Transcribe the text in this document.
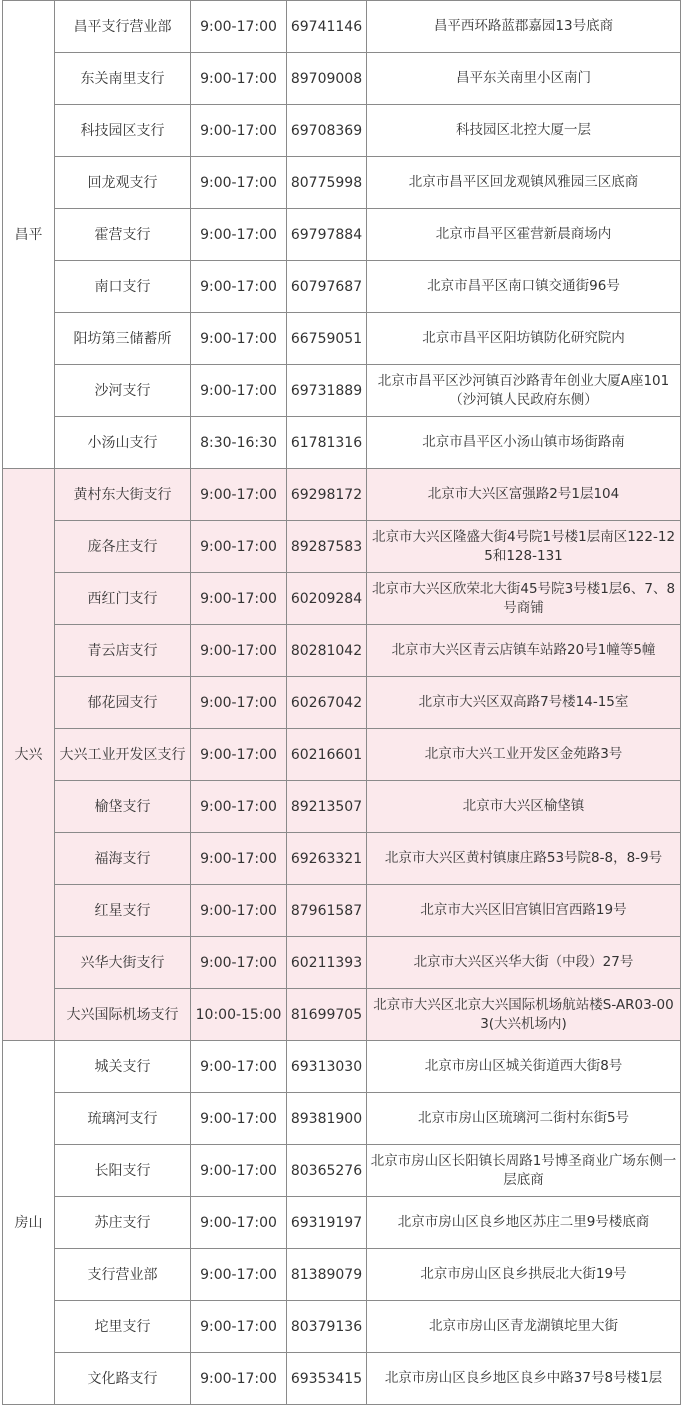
昌平	昌平支行营业部	9:00-17:00	69741146	昌平西环路蓝郡嘉园13号底商
	东关南里支行	9:00-17:00	89709008	昌平东关南里小区南门
	科技园区支行	9:00-17:00	69708369	科技园区北控大厦一层
	回龙观支行	9:00-17:00	80775998	北京市昌平区回龙观镇风雅园三区底商
	霍营支行	9:00-17:00	69797884	北京市昌平区霍营新晨商场内
	南口支行	9:00-17:00	60797687	北京市昌平区南口镇交通街96号
	阳坊第三储蓄所	9:00-17:00	66759051	北京市昌平区阳坊镇防化研究院内
	沙河支行	9:00-17:00	69731889	北京市昌平区沙河镇百沙路青年创业大厦A座101（沙河镇人民政府东侧）
	小汤山支行	8:30-16:30	61781316	北京市昌平区小汤山镇市场街路南
大兴	黄村东大街支行	9:00-17:00	69298172	北京市大兴区富强路2号1层104
	庞各庄支行	9:00-17:00	89287583	北京市大兴区隆盛大街4号院1号楼1层南区122-125和128-131
	西红门支行	9:00-17:00	60209284	北京市大兴区欣荣北大街45号院3号楼1层6、7、8号商铺
	青云店支行	9:00-17:00	80281042	北京市大兴区青云店镇车站路20号1幢等5幢
	郁花园支行	9:00-17:00	60267042	北京市大兴区双高路7号楼14-15室
	大兴工业开发区支行	9:00-17:00	60216601	北京市大兴工业开发区金苑路3号
	榆垡支行	9:00-17:00	89213507	北京市大兴区榆垡镇
	福海支行	9:00-17:00	69263321	北京市大兴区黄村镇康庄路53号院8-8，8-9号
	红星支行	9:00-17:00	87961587	北京市大兴区旧宫镇旧宫西路19号
	兴华大街支行	9:00-17:00	60211393	北京市大兴区兴华大街（中段）27号
	大兴国际机场支行	10:00-15:00	81699705	北京市大兴区北京大兴国际机场航站楼S-AR03-003(大兴机场内)
房山	城关支行	9:00-17:00	69313030	北京市房山区城关街道西大街8号
	琉璃河支行	9:00-17:00	89381900	北京市房山区琉璃河二街村东街5号
	长阳支行	9:00-17:00	80365276	北京市房山区长阳镇长周路1号博圣商业广场东侧一层底商
	苏庄支行	9:00-17:00	69319197	北京市房山区良乡地区苏庄二里9号楼底商
	支行营业部	9:00-17:00	81389079	北京市房山区良乡拱辰北大街19号
	坨里支行	9:00-17:00	80379136	北京市房山区青龙湖镇坨里大街
	文化路支行	9:00-17:00	69353415	北京市房山区良乡地区良乡中路37号8号楼1层
